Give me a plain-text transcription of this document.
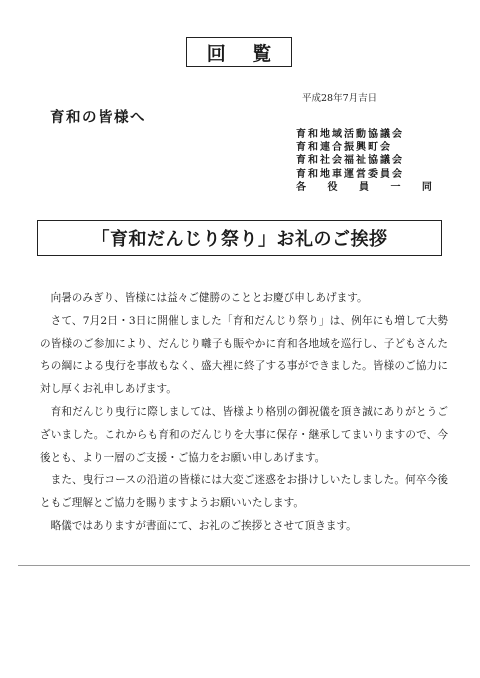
回 覧
平成28年7月吉日
育和の皆様へ
育和地域活動協議会
育和連合振興町会
育和社会福祉協議会
育和地車運営委員会
各 役 員 一 同
「育和だんじり祭り」お礼のご挨拶

向暑のみぎり、皆様には益々ご健勝のこととお慶び申しあげます。

さて、7月2日・3日に開催しました「育和だんじり祭り」は、例年にも増して大勢の皆様のご参加により、だんじり囃子も賑やかに育和各地域を巡行し、子どもさんたちの綱による曳行を事故もなく、盛大裡に終了する事ができました。皆様のご協力に対し厚くお礼申しあげます。

育和だんじり曳行に際しましては、皆様より格別の御祝儀を頂き誠にありがとうございました。これからも育和のだんじりを大事に保存・継承してまいりますので、今後とも、より一層のご支援・ご協力をお願い申しあげます。

また、曳行コースの沿道の皆様には大変ご迷惑をお掛けしいたしました。何卒今後ともご理解とご協力を賜りますようお願いいたします。

略儀ではありますが書面にて、お礼のご挨拶とさせて頂きます。
